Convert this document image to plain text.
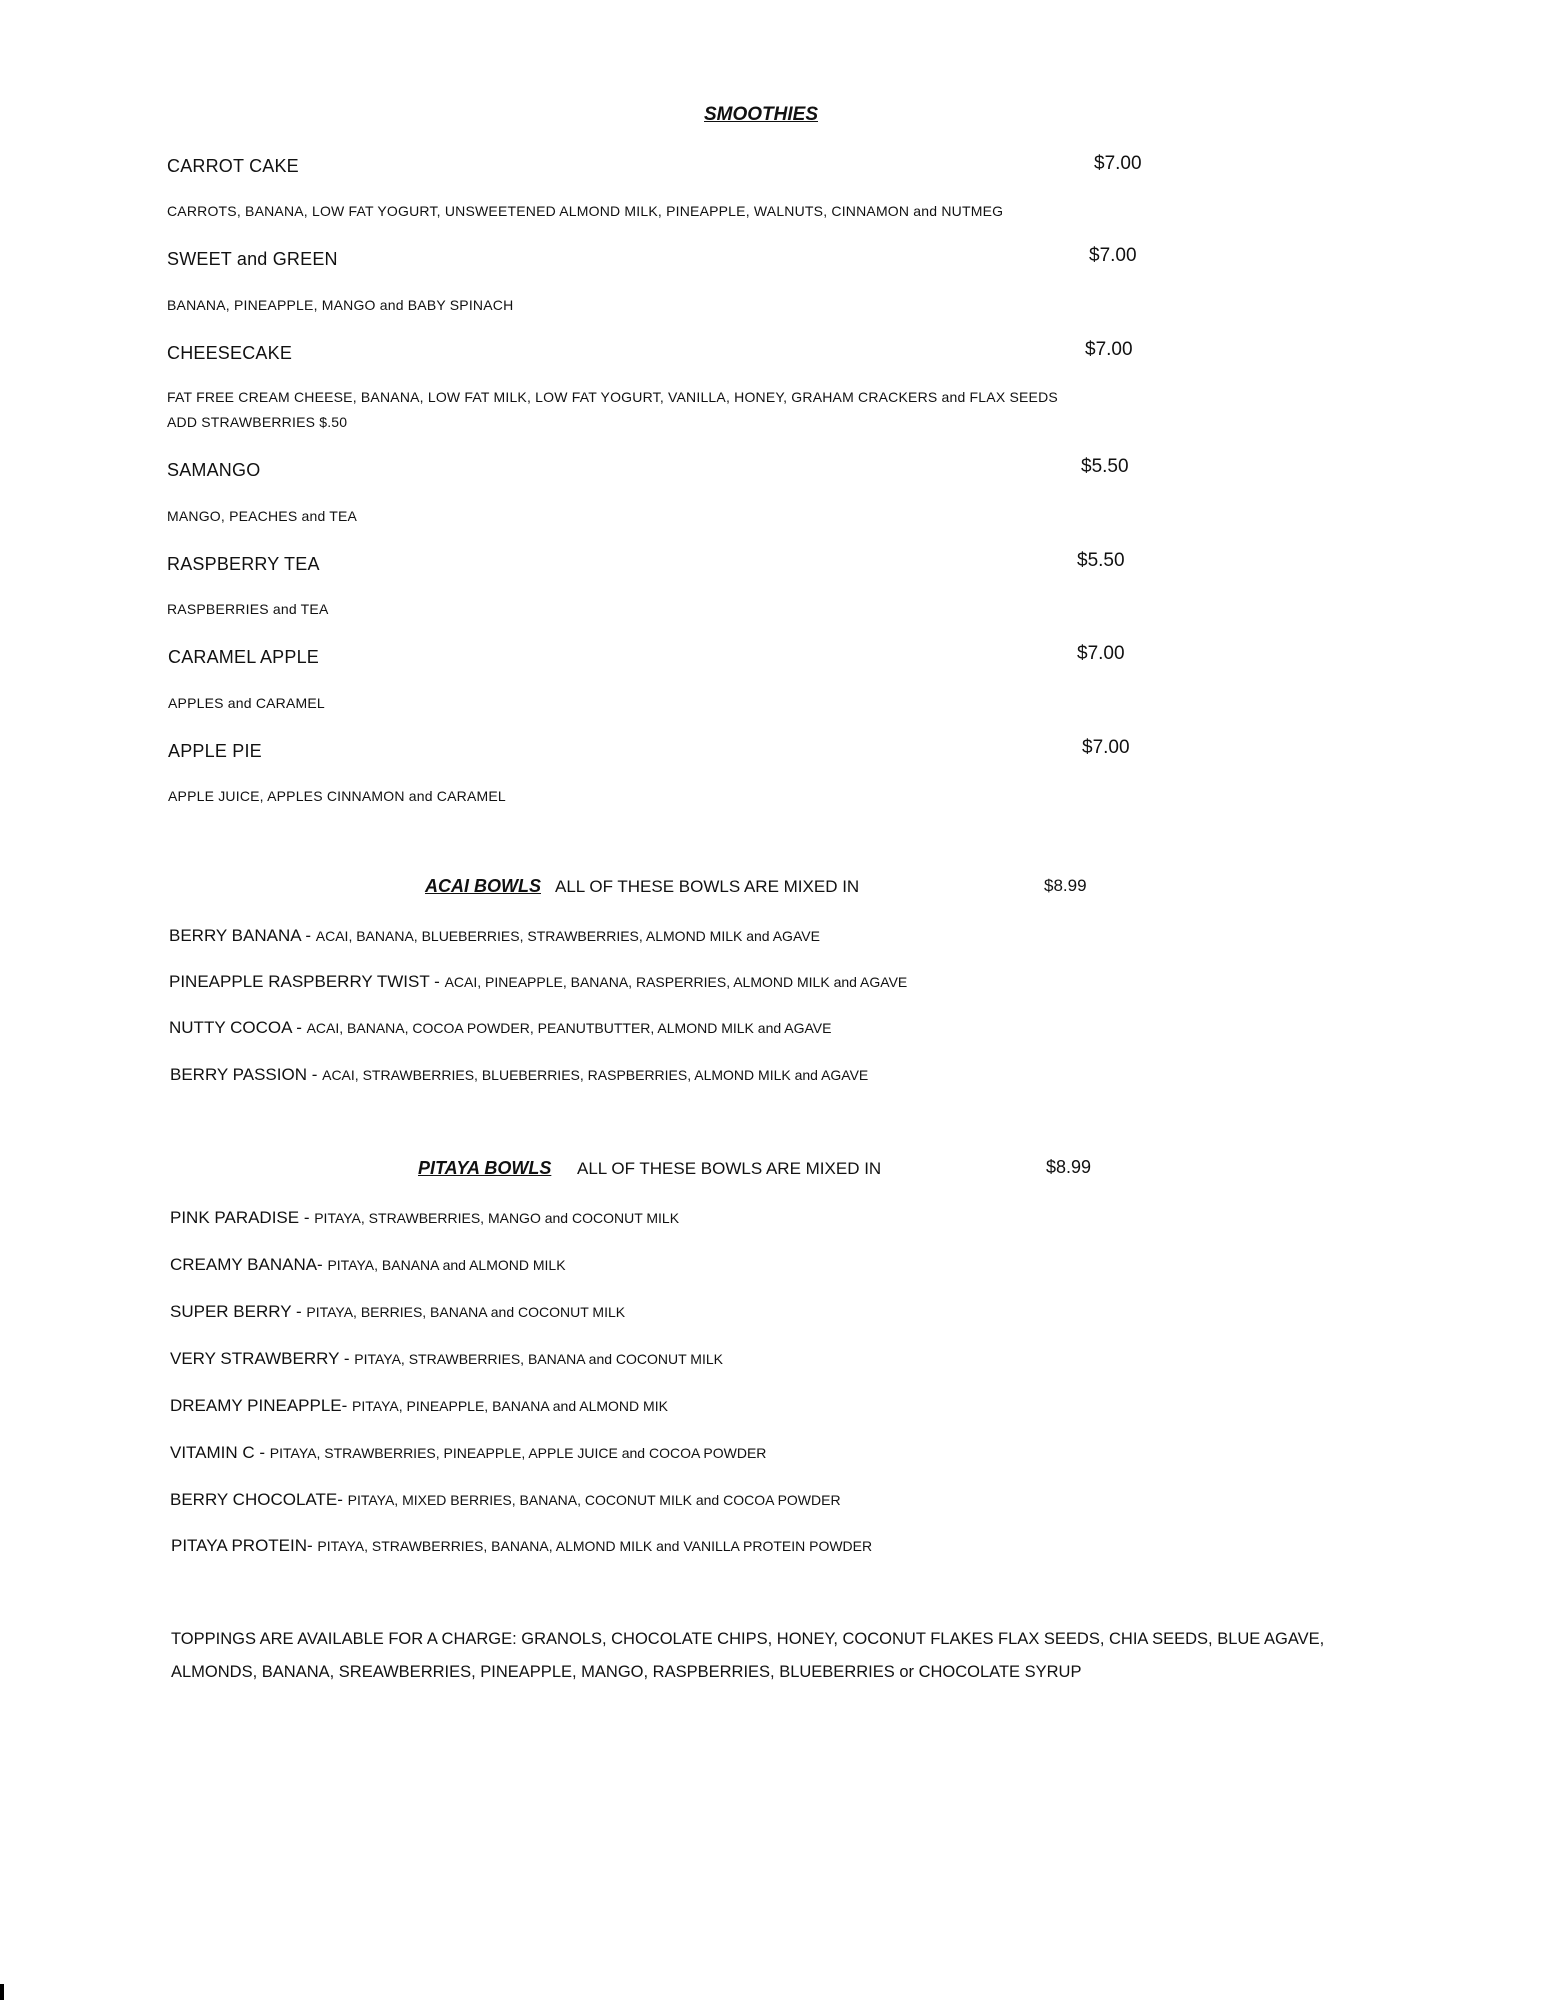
SMOOTHIES
CARROT CAKE	$7.00
CARROTS, BANANA, LOW FAT YOGURT, UNSWEETENED ALMOND MILK, PINEAPPLE, WALNUTS, CINNAMON and NUTMEG
SWEET and GREEN	$7.00
BANANA, PINEAPPLE, MANGO and BABY SPINACH
CHEESECAKE	$7.00
FAT FREE CREAM CHEESE, BANANA, LOW FAT MILK, LOW FAT YOGURT, VANILLA, HONEY, GRAHAM CRACKERS and FLAX SEEDS
ADD STRAWBERRIES $.50
SAMANGO	$5.50
MANGO, PEACHES and TEA
RASPBERRY TEA	$5.50
RASPBERRIES and TEA
CARAMEL APPLE	$7.00
APPLES and CARAMEL
APPLE PIE	$7.00
APPLE JUICE, APPLES CINNAMON and CARAMEL
ACAI BOWLS ALL OF THESE BOWLS ARE MIXED IN	$8.99
BERRY BANANA - ACAI, BANANA, BLUEBERRIES, STRAWBERRIES, ALMOND MILK and AGAVE
PINEAPPLE RASPBERRY TWIST - ACAI, PINEAPPLE, BANANA, RASPERRIES, ALMOND MILK and AGAVE
NUTTY COCOA - ACAI, BANANA, COCOA POWDER, PEANUTBUTTER, ALMOND MILK and AGAVE
BERRY PASSION - ACAI, STRAWBERRIES, BLUEBERRIES, RASPBERRIES, ALMOND MILK and AGAVE
PITAYA BOWLS ALL OF THESE BOWLS ARE MIXED IN	$8.99
PINK PARADISE - PITAYA, STRAWBERRIES, MANGO and COCONUT MILK
CREAMY BANANA- PITAYA, BANANA and ALMOND MILK
SUPER BERRY - PITAYA, BERRIES, BANANA and COCONUT MILK
VERY STRAWBERRY - PITAYA, STRAWBERRIES, BANANA and COCONUT MILK
DREAMY PINEAPPLE- PITAYA, PINEAPPLE, BANANA and ALMOND MIK
VITAMIN C - PITAYA, STRAWBERRIES, PINEAPPLE, APPLE JUICE and COCOA POWDER
BERRY CHOCOLATE- PITAYA, MIXED BERRIES, BANANA, COCONUT MILK and COCOA POWDER
PITAYA PROTEIN- PITAYA, STRAWBERRIES, BANANA, ALMOND MILK and VANILLA PROTEIN POWDER
TOPPINGS ARE AVAILABLE FOR A CHARGE: GRANOLS, CHOCOLATE CHIPS, HONEY, COCONUT FLAKES FLAX SEEDS, CHIA SEEDS, BLUE AGAVE,
ALMONDS, BANANA, SREAWBERRIES, PINEAPPLE, MANGO, RASPBERRIES, BLUEBERRIES or CHOCOLATE SYRUP
